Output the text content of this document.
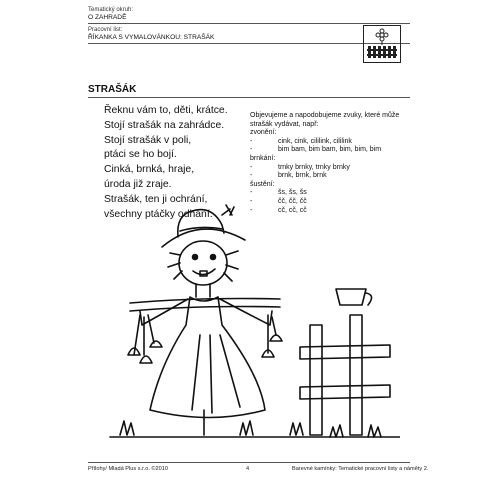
Tematický okruh:
O ZAHRADĚ
Pracovní list:
ŘÍKANKA S VYMALOVÁNKOU: STRAŠÁK
STRAŠÁK
Řeknu vám to, děti, krátce.
Stojí strašák na zahrádce.
Stojí strašák v poli,
ptáci se ho bojí.
Cinká, brnká, hraje,
úroda již zraje.
Strašák, ten ji ochrání,
všechny ptáčky odhání.
Objevujeme a napodobujeme zvuky, které může strašák vydávat, např:
zvonění:
-	cink, cink, cililink, cililink
-	bim bam, bim bam, bim, bim, bim
brnkání:
-	trnky brnky, trnky brnky
-	brnk, brnk, brnk
šustění:
-	šs, šs, šs
-	čč, čč, čč
-	cč, cč, cč
Přílohy/ Mladá Plus s.r.o. ©2010	4	Barevné kamínky: Tematické pracovní listy a náměty 2.
